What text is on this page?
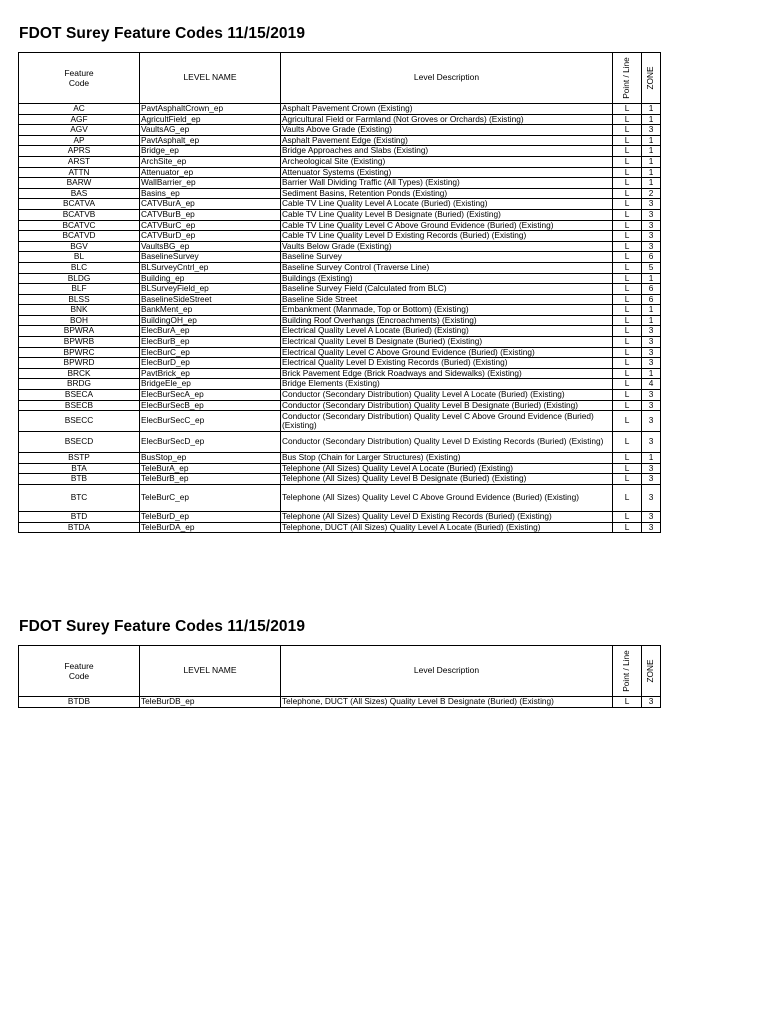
FDOT Surey Feature Codes 11/15/2019
Feature Code	LEVEL NAME	Level Description	Point / Line	ZONE

AC	PavtAsphaltCrown_ep	Asphalt Pavement Crown (Existing)	L	1
AGF	AgricultField_ep	Agricultural Field or Farmland (Not Groves or Orchards) (Existing)	L	1
AGV	VaultsAG_ep	Vaults Above Grade (Existing)	L	3
AP	PavtAsphalt_ep	Asphalt Pavement Edge (Existing)	L	1
APRS	Bridge_ep	Bridge Approaches and Slabs (Existing)	L	1
ARST	ArchSite_ep	Archeological Site (Existing)	L	1
ATTN	Attenuator_ep	Attenuator Systems (Existing)	L	1
BARW	WallBarrier_ep	Barrier Wall Dividing Traffic (All Types) (Existing)	L	1
BAS	Basins_ep	Sediment Basins, Retention Ponds (Existing)	L	2
BCATVA	CATVBurA_ep	Cable TV Line Quality Level A Locate (Buried) (Existing)	L	3
BCATVB	CATVBurB_ep	Cable TV Line Quality Level B Designate (Buried) (Existing)	L	3
BCATVC	CATVBurC_ep	Cable TV Line Quality Level C Above Ground Evidence (Buried) (Existing)	L	3
BCATVD	CATVBurD_ep	Cable TV Line Quality Level D Existing Records (Buried) (Existing)	L	3
BGV	VaultsBG_ep	Vaults Below Grade (Existing)	L	3
BL	BaselineSurvey	Baseline Survey	L	6
BLC	BLSurveyCntrl_ep	Baseline Survey Control (Traverse Line)	L	5
BLDG	Building_ep	Buildings (Existing)	L	1
BLF	BLSurveyField_ep	Baseline Survey Field (Calculated from BLC)	L	6
BLSS	BaselineSideStreet	Baseline Side Street	L	6
BNK	BankMent_ep	Embankment (Manmade, Top or Bottom) (Existing)	L	1
BOH	BuildingOH_ep	Building Roof Overhangs (Encroachments) (Existing)	L	1
BPWRA	ElecBurA_ep	Electrical Quality Level A Locate (Buried) (Existing)	L	3
BPWRB	ElecBurB_ep	Electrical Quality Level B Designate (Buried) (Existing)	L	3
BPWRC	ElecBurC_ep	Electrical Quality Level C Above Ground Evidence (Buried) (Existing)	L	3
BPWRD	ElecBurD_ep	Electrical Quality Level D Existing Records (Buried) (Existing)	L	3
BRCK	PavtBrick_ep	Brick Pavement Edge (Brick Roadways and Sidewalks) (Existing)	L	1
BRDG	BridgeEle_ep	Bridge Elements (Existing)	L	4
BSECA	ElecBurSecA_ep	Conductor (Secondary Distribution) Quality Level A Locate (Buried) (Existing)	L	3
BSECB	ElecBurSecB_ep	Conductor (Secondary Distribution) Quality Level B Designate (Buried) (Existing)	L	3
BSECC	ElecBurSecC_ep	Conductor (Secondary Distribution) Quality Level C Above Ground Evidence (Buried) (Existing)	L	3
BSECD	ElecBurSecD_ep	Conductor (Secondary Distribution) Quality Level D Existing Records (Buried) (Existing)	L	3
BSTP	BusStop_ep	Bus Stop (Chain for Larger Structures) (Existing)	L	1
BTA	TeleBurA_ep	Telephone (All Sizes) Quality Level A Locate (Buried) (Existing)	L	3
BTB	TeleBurB_ep	Telephone (All Sizes) Quality Level B Designate (Buried) (Existing)	L	3
BTC	TeleBurC_ep	Telephone (All Sizes) Quality Level C Above Ground Evidence (Buried) (Existing)	L	3
BTD	TeleBurD_ep	Telephone (All Sizes) Quality Level D Existing Records (Buried) (Existing)	L	3
BTDA	TeleBurDA_ep	Telephone, DUCT (All Sizes) Quality Level A Locate (Buried) (Existing)	L	3
FDOT Surey Feature Codes 11/15/2019
Feature Code	LEVEL NAME	Level Description	Point / Line	ZONE

BTDB	TeleBurDB_ep	Telephone, DUCT (All Sizes) Quality Level B Designate (Buried) (Existing)	L	3
